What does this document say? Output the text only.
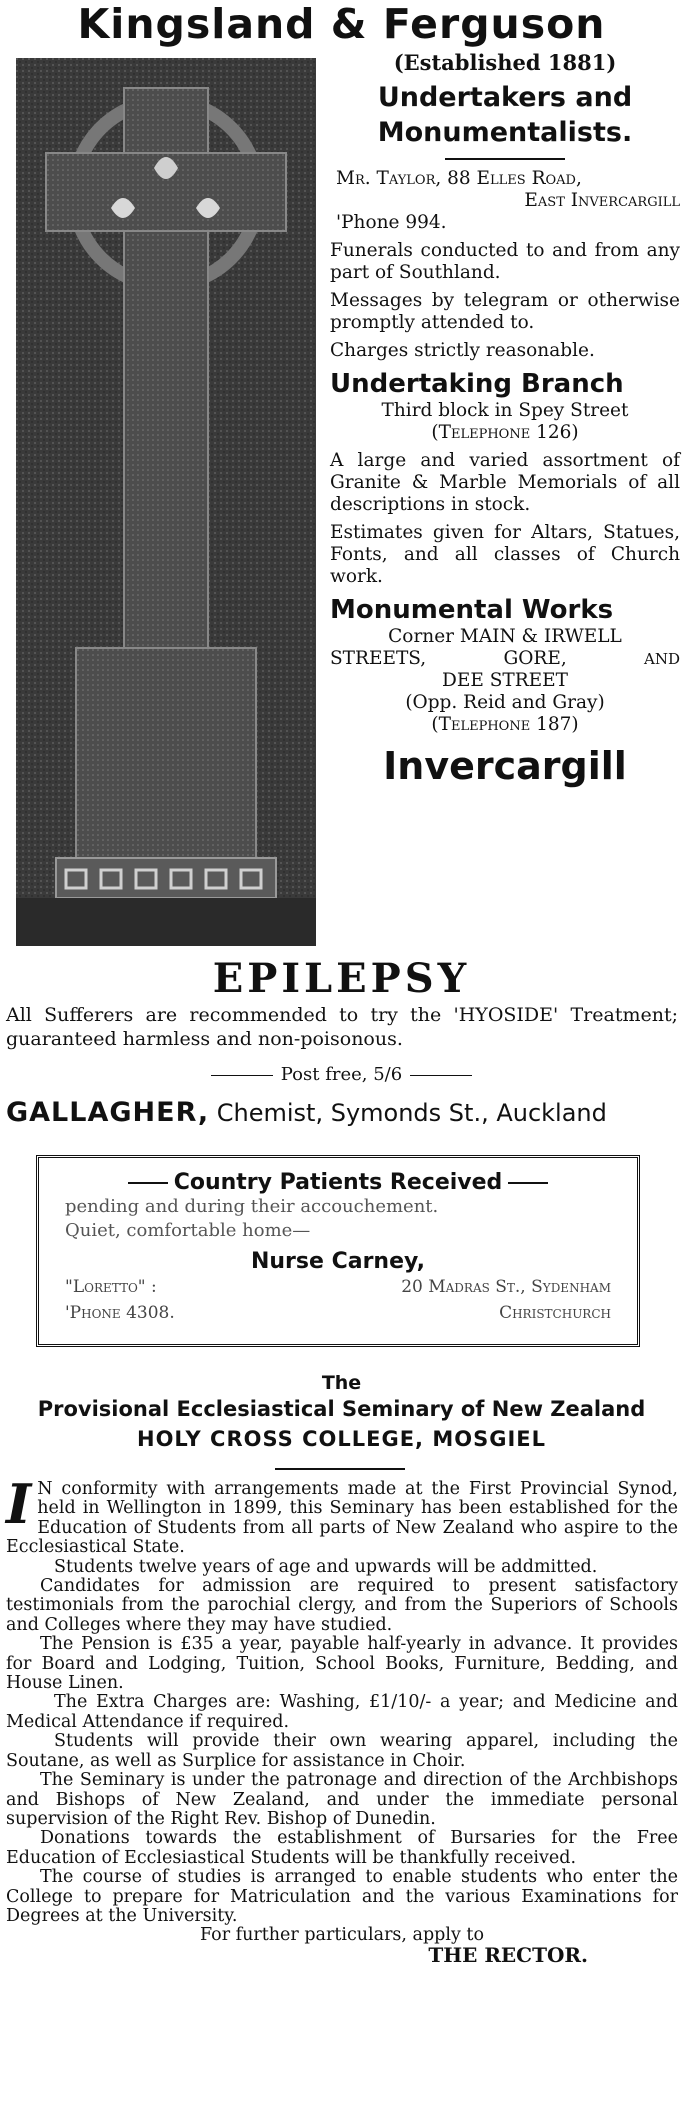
Kingsland & Ferguson
(Established 1881)
Undertakers and Monumentalists.
Mr. Taylor, 88 Elles Road,
East Invercargill
'Phone 994.

Funerals conducted to and from any part of Southland.

Messages by telegram or otherwise promptly attended to.

Charges strictly reasonable.

Undertaking Branch
Third block in Spey Street
(Telephone 126)

A large and varied assortment of Granite & Marble Memorials of all descriptions in stock.

Estimates given for Altars, Statues, Fonts, and all classes of Church work.

Monumental Works
Corner MAIN & IRWELL
STREETS,	GORE,	AND
DEE STREET
(Opp. Reid and Gray)
(Telephone 187)
Invercargill
EPILEPSY
All Sufferers are recommended to try the 'HYOSIDE' Treatment; guaranteed harmless and non-poisonous.
Post free, 5/6
GALLAGHER, Chemist, Symonds St., Auckland
Country Patients Received
pending and during their accouchement.
Quiet, comfortable home—
Nurse Carney,
"Loretto" :	20 Madras St., Sydenham
'Phone 4308.	Christchurch
The
Provisional Ecclesiastical Seminary of New Zealand
HOLY CROSS COLLEGE, MOSGIEL

I N conformity with arrangements made at the First Provincial Synod, held in Wellington in 1899, this Seminary has been established for the Education of Students from all parts of New Zealand who aspire to the Ecclesiastical State.

Students twelve years of age and upwards will be addmitted.

Candidates for admission are required to present satisfactory testimonials from the parochial clergy, and from the Superiors of Schools and Colleges where they may have studied.

The Pension is £35 a year, payable half-yearly in advance. It provides for Board and Lodging, Tuition, School Books, Furniture, Bedding, and House Linen.

The Extra Charges are: Washing, £1/10/- a year; and Medicine and Medical Attendance if required.

Students will provide their own wearing apparel, including the Soutane, as well as Surplice for assistance in Choir.

The Seminary is under the patronage and direction of the Archbishops and Bishops of New Zealand, and under the immediate personal supervision of the Right Rev. Bishop of Dunedin.

Donations towards the establishment of Bursaries for the Free Education of Ecclesiastical Students will be thankfully received.

The course of studies is arranged to enable students who enter the College to prepare for Matriculation and the various Examinations for Degrees at the University.

For further particulars, apply to

THE RECTOR.
